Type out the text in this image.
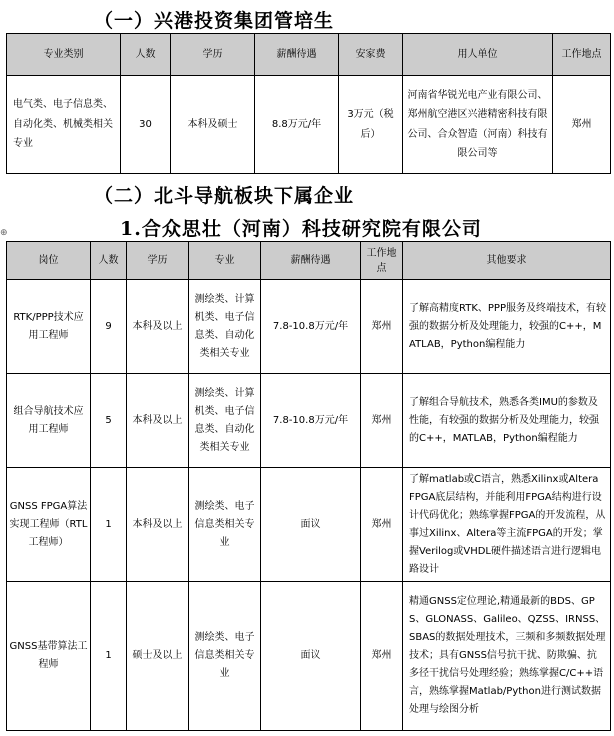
（一）兴港投资集团管培生
专业类别	人数	学历	薪酬待遇	安家费	用人单位	工作地点
电气类、电子信息类、自动化类、机械类相关专业	30	本科及硕士	8.8万元/年	3万元（税后）	河南省华锐光电产业有限公司、郑州航空港区兴港精密科技有限公司、合众智造（河南）科技有限公司等	郑州
（二）北斗导航板块下属企业
1.合众思壮（河南）科技研究院有限公司
⊕
岗位	人数	学历	专业	薪酬待遇	工作地点	其他要求
RTK/PPP技术应用工程师	9	本科及以上	测绘类、计算机类、电子信息类、自动化类相关专业	7.8-10.8万元/年	郑州	了解高精度RTK、PPP服务及终端技术，有较强的数据分析及处理能力，较强的C++，MATLAB，Python编程能力
组合导航技术应用工程师	5	本科及以上	测绘类、计算机类、电子信息类、自动化类相关专业	7.8-10.8万元/年	郑州	了解组合导航技术，熟悉各类IMU的参数及性能，有较强的数据分析及处理能力，较强的C++，MATLAB，Python编程能力
GNSS FPGA算法实现工程师（RTL工程师）	1	本科及以上	测绘类、电子信息类相关专业	面议	郑州	了解matlab或C语言，熟悉Xilinx或Altera FPGA底层结构，并能利用FPGA结构进行设计代码优化；熟练掌握FPGA的开发流程，从事过Xilinx、Altera等主流FPGA的开发；掌握Verilog或VHDL硬件描述语言进行逻辑电路设计
GNSS基带算法工程师	1	硕士及以上	测绘类、电子信息类相关专业	面议	郑州	精通GNSS定位理论,精通最新的BDS、GPS、GLONASS、Galileo、QZSS、IRNSS、SBAS的数据处理技术，三频和多频数据处理技术；具有GNSS信号抗干扰、防欺骗、抗多径干扰信号处理经验；熟练掌握C/C++语言，熟练掌握Matlab/Python进行测试数据处理与绘图分析
